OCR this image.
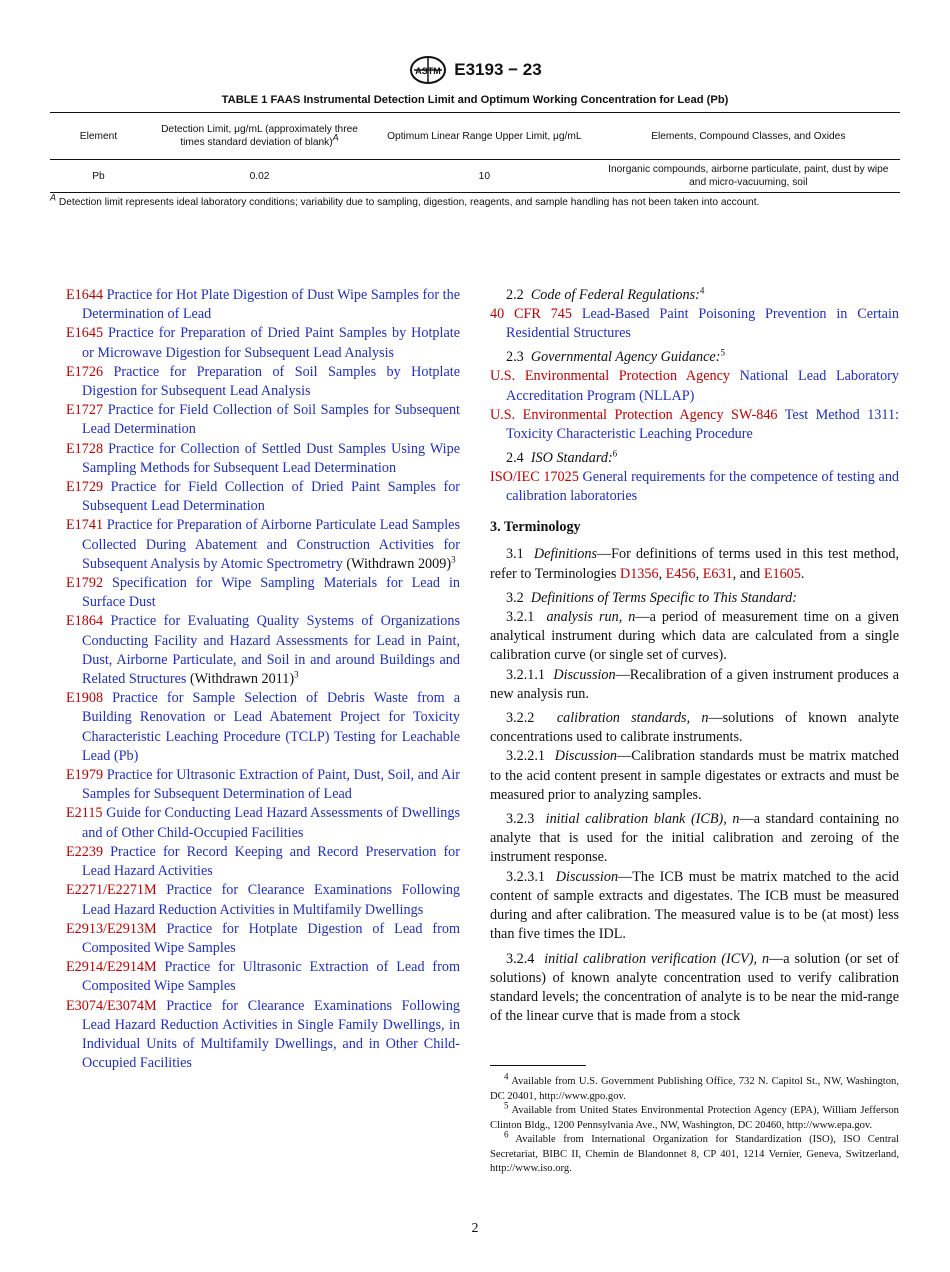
ASTM E3193 − 23
TABLE 1 FAAS Instrumental Detection Limit and Optimum Working Concentration for Lead (Pb)
Element	Detection Limit, μg/mL (approximately three times standard deviation of blank)$^A$	Optimum Linear Range Upper Limit, μg/mL	Elements, Compound Classes, and Oxides
Pb	0.02	10	Inorganic compounds, airborne particulate, paint, dust by wipe and micro-vacuuming, soil
$^A$ Detection limit represents ideal laboratory conditions; variability due to sampling, digestion, reagents, and sample handling has not been taken into account.

E1644 Practice for Hot Plate Digestion of Dust Wipe Samples for the Determination of Lead

E1645 Practice for Preparation of Dried Paint Samples by Hotplate or Microwave Digestion for Subsequent Lead Analysis

E1726 Practice for Preparation of Soil Samples by Hotplate Digestion for Subsequent Lead Analysis

E1727 Practice for Field Collection of Soil Samples for Subsequent Lead Determination

E1728 Practice for Collection of Settled Dust Samples Using Wipe Sampling Methods for Subsequent Lead Determination

E1729 Practice for Field Collection of Dried Paint Samples for Subsequent Lead Determination

E1741 Practice for Preparation of Airborne Particulate Lead Samples Collected During Abatement and Construction Activities for Subsequent Analysis by Atomic Spectrometry (Withdrawn 2009)$^3$

E1792 Specification for Wipe Sampling Materials for Lead in Surface Dust

E1864 Practice for Evaluating Quality Systems of Organizations Conducting Facility and Hazard Assessments for Lead in Paint, Dust, Airborne Particulate, and Soil in and around Buildings and Related Structures (Withdrawn 2011)$^3$

E1908 Practice for Sample Selection of Debris Waste from a Building Renovation or Lead Abatement Project for Toxicity Characteristic Leaching Procedure (TCLP) Testing for Leachable Lead (Pb)

E1979 Practice for Ultrasonic Extraction of Paint, Dust, Soil, and Air Samples for Subsequent Determination of Lead

E2115 Guide for Conducting Lead Hazard Assessments of Dwellings and of Other Child-Occupied Facilities

E2239 Practice for Record Keeping and Record Preservation for Lead Hazard Activities

E2271/E2271M Practice for Clearance Examinations Following Lead Hazard Reduction Activities in Multifamily Dwellings

E2913/E2913M Practice for Hotplate Digestion of Lead from Composited Wipe Samples

E2914/E2914M Practice for Ultrasonic Extraction of Lead from Composited Wipe Samples

E3074/E3074M Practice for Clearance Examinations Following Lead Hazard Reduction Activities in Single Family Dwellings, in Individual Units of Multifamily Dwellings, and in Other Child-Occupied Facilities

2.2 Code of Federal Regulations:$^4$

40 CFR 745 Lead-Based Paint Poisoning Prevention in Certain Residential Structures

2.3 Governmental Agency Guidance:$^5$

U.S. Environmental Protection Agency National Lead Laboratory Accreditation Program (NLLAP)

U.S. Environmental Protection Agency SW-846 Test Method 1311: Toxicity Characteristic Leaching Procedure

2.4 ISO Standard:$^6$

ISO/IEC 17025 General requirements for the competence of testing and calibration laboratories

3. Terminology

3.1 Definitions—For definitions of terms used in this test method, refer to Terminologies D1356, E456, E631, and E1605.

3.2 Definitions of Terms Specific to This Standard:

3.2.1 analysis run, n—a period of measurement time on a given analytical instrument during which data are calculated from a single calibration curve (or single set of curves).

3.2.1.1 Discussion—Recalibration of a given instrument produces a new analysis run.

3.2.2 calibration standards, n—solutions of known analyte concentrations used to calibrate instruments.

3.2.2.1 Discussion—Calibration standards must be matrix matched to the acid content present in sample digestates or extracts and must be measured prior to analyzing samples.

3.2.3 initial calibration blank (ICB), n—a standard containing no analyte that is used for the initial calibration and zeroing of the instrument response.

3.2.3.1 Discussion—The ICB must be matrix matched to the acid content of sample extracts and digestates. The ICB must be measured during and after calibration. The measured value is to be (at most) less than five times the IDL.

3.2.4 initial calibration verification (ICV), n—a solution (or set of solutions) of known analyte concentration used to verify calibration standard levels; the concentration of analyte is to be near the mid-range of the linear curve that is made from a stock

$^4$ Available from U.S. Government Publishing Office, 732 N. Capitol St., NW, Washington, DC 20401, http://www.gpo.gov.

$^5$ Available from United States Environmental Protection Agency (EPA), William Jefferson Clinton Bldg., 1200 Pennsylvania Ave., NW, Washington, DC 20460, http://www.epa.gov.

$^6$ Available from International Organization for Standardization (ISO), ISO Central Secretariat, BIBC II, Chemin de Blandonnet 8, CP 401, 1214 Vernier, Geneva, Switzerland, http://www.iso.org.

2
